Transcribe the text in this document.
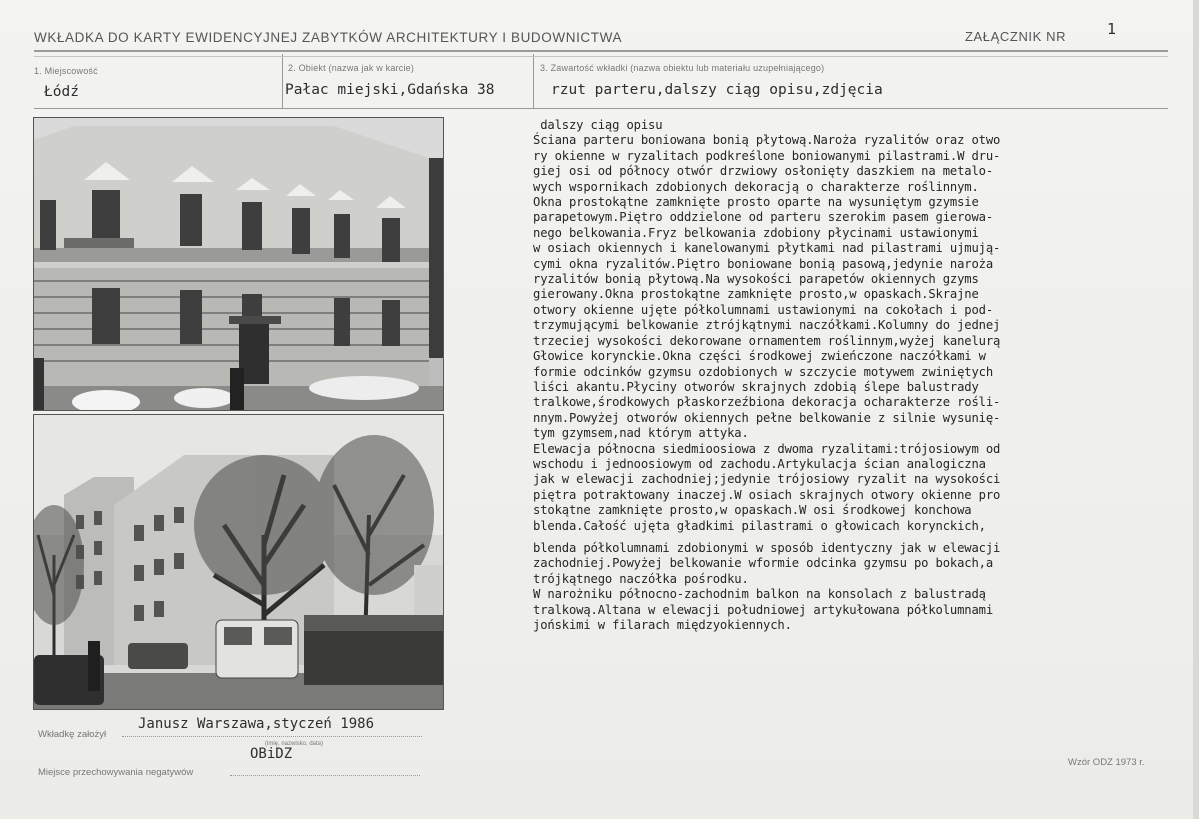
WKŁADKA DO KARTY EWIDENCYJNEJ ZABYTKÓW ARCHITEKTURY I BUDOWNICTWA	ZAŁĄCZNIK NR	1
1. Miejscowość	2. Obiekt (nazwa jak w karcie)	3. Zawartość wkładki (nazwa obiektu lub materiału uzupełniającego)
Łódź	Pałac miejski,Gdańska 38	rzut parteru,dalszy ciąg opisu,zdjęcia
dalszy ciąg opisu
Ściana parteru boniowana bonią płytową.Naroża ryzalitów oraz otwo
ry okienne w ryzalitach podkreślone boniowanymi pilastrami.W dru-
giej osi od północy otwór drzwiowy osłonięty daszkiem na metalo-
wych wspornikach zdobionych dekoracją o charakterze roślinnym.
Okna prostokątne zamknięte prosto oparte na wysuniętym gzymsie
parapetowym.Piętro oddzielone od parteru szerokim pasem gierowa-
nego belkowania.Fryz belkowania zdobiony płycinami ustawionymi
w osiach okiennych i kanelowanymi płytkami nad pilastrami ujmują-
cymi okna ryzalitów.Piętro boniowane bonią pasową,jedynie naroża
ryzalitów bonią płytową.Na wysokości parapetów okiennych gzyms
gierowany.Okna prostokątne zamknięte prosto,w opaskach.Skrajne
otwory okienne ujęte półkolumnami ustawionymi na cokołach i pod-
trzymującymi belkowanie ztrójkątnymi naczółkami.Kolumny do jednej
trzeciej wysokości dekorowane ornamentem roślinnym,wyżej kanelurą
Głowice korynckie.Okna części środkowej zwieńczone naczółkami w
formie odcinków gzymsu ozdobionych w szczycie motywem zwiniętych
liści akantu.Płyciny otworów skrajnych zdobią ślepe balustrady
tralkowe,środkowych płaskorzeźbiona dekoracja ocharakterze rośli-
nnym.Powyżej otworów okiennych pełne belkowanie z silnie wysunię-
tym gzymsem,nad którym attyka.
Elewacja północna siedmioosiowa z dwoma ryzalitami:trójosiowym od
wschodu i jednoosiowym od zachodu.Artykulacja ścian analogiczna
jak w elewacji zachodniej;jedynie trójosiowy ryzalit na wysokości
piętra potraktowany inaczej.W osiach skrajnych otwory okienne pro
stokątne zamknięte prosto,w opaskach.W osi środkowej konchowa
blenda.Całość ujęta gładkimi pilastrami o głowicach korynckich,

blenda półkolumnami zdobionymi w sposób identyczny jak w elewacji
zachodniej.Powyżej belkowanie wformie odcinka gzymsu po bokach,a
trójkątnego naczółka pośrodku.
W narożniku północno-zachodnim balkon na konsolach z balustradą
tralkową.Altana w elewacji południowej artykułowana półkolumnami
jońskimi w filarach międzyokiennych.
Wkładkę założył
Janusz Warszawa,styczeń 1986
(imię, nazwisko, data)
Miejsce przechowywania negatywów
OBiDZ
Wzór ODZ 1973 r.
